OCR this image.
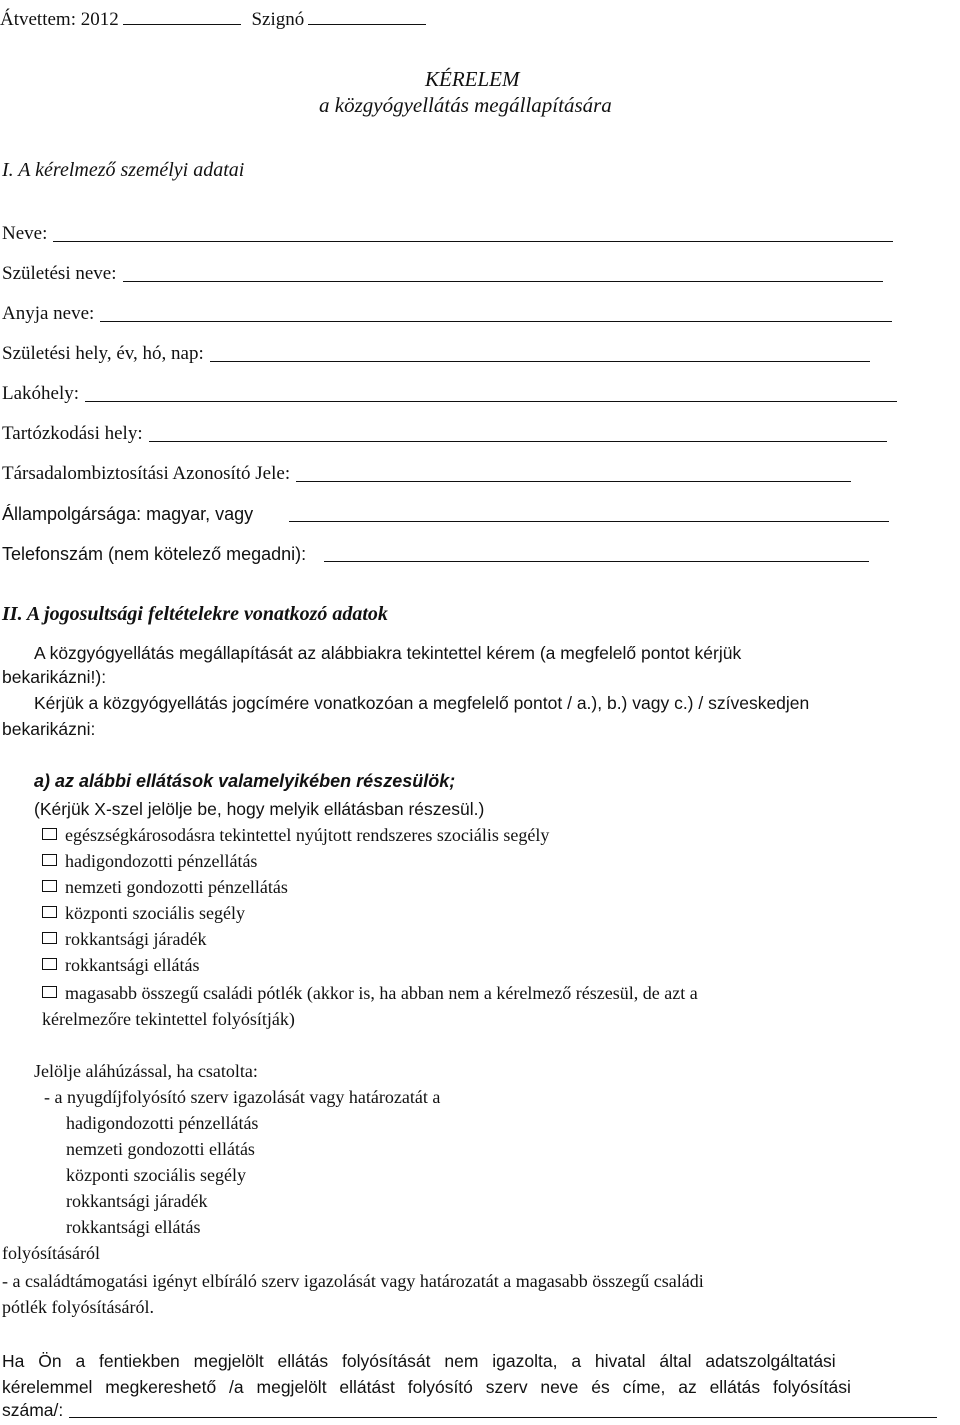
Átvettem: 2012	Szignó
KÉRELEM
a közgyógyellátás megállapítására
I. A kérelmező személyi adatai
Neve:
Születési neve:
Anyja neve:
Születési hely, év, hó, nap:
Lakóhely:
Tartózkodási hely:
Társadalombiztosítási Azonosító Jele:
Állampolgársága: magyar, vagy
Telefonszám (nem kötelező megadni):
II. A jogosultsági feltételekre vonatkozó adatok
A közgyógyellátás megállapítását az alábbiakra tekintettel kérem (a megfelelő pontot kérjük
bekarikázni!):
Kérjük a közgyógyellátás jogcímére vonatkozóan a megfelelő pontot / a.), b.) vagy c.) / szíveskedjen
bekarikázni:
a) az alábbi ellátások valamelyikében részesülök;
(Kérjük X-szel jelölje be, hogy melyik ellátásban részesül.)
egészségkárosodásra tekintettel nyújtott rendszeres szociális segély
hadigondozotti pénzellátás
nemzeti gondozotti pénzellátás
központi szociális segély
rokkantsági járadék
rokkantsági ellátás
magasabb összegű családi pótlék (akkor is, ha abban nem a kérelmező részesül, de azt a
kérelmezőre tekintettel folyósítják)
Jelölje aláhúzással, ha csatolta:
- a nyugdíjfolyósító szerv igazolását vagy határozatát a
hadigondozotti pénzellátás
nemzeti gondozotti ellátás
központi szociális segély
rokkantsági járadék
rokkantsági ellátás
folyósításáról
- a családtámogatási igényt elbíráló szerv igazolását vagy határozatát a magasabb összegű családi
pótlék folyósításáról.
Ha Ön a fentiekben megjelölt ellátás folyósítását nem igazolta, a hivatal által adatszolgáltatási
kérelemmel megkereshető /a megjelölt ellátást folyósító szerv neve és címe, az ellátás folyósítási
száma/:
